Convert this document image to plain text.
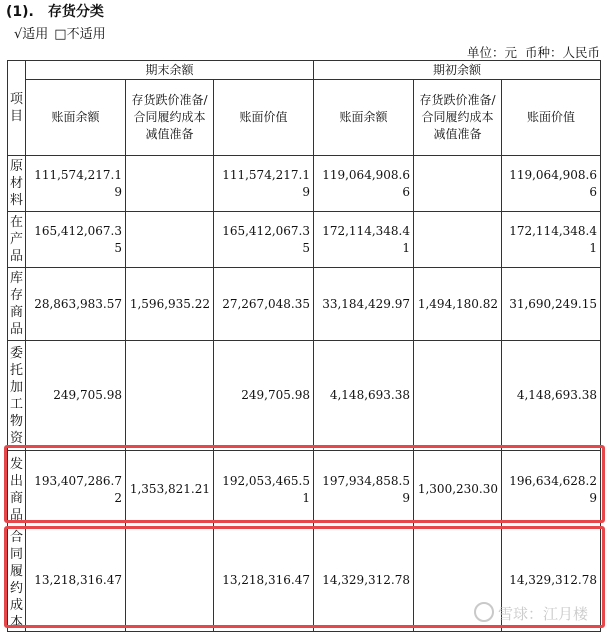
(1). 存货分类
√适用 □不适用
单位：元 币种：人民币
项目	期末余额			期初余额		
	账面余额	存货跌价准备/合同履约成本减值准备	账面价值	账面余额	存货跌价准备/合同履约成本减值准备	账面价值
原材料	111,574,217.19		111,574,217.19	119,064,908.66		119,064,908.66
在产品	165,412,067.35		165,412,067.35	172,114,348.41		172,114,348.41
库存商品	28,863,983.57	1,596,935.22	27,267,048.35	33,184,429.97	1,494,180.82	31,690,249.15
委托加工物资	249,705.98		249,705.98	4,148,693.38		4,148,693.38
发出商品	193,407,286.72	1,353,821.21	192,053,465.51	197,934,858.59	1,300,230.30	196,634,628.29
合同履约成本	13,218,316.47		13,218,316.47	14,329,312.78		14,329,312.78
雪球：江月楼
